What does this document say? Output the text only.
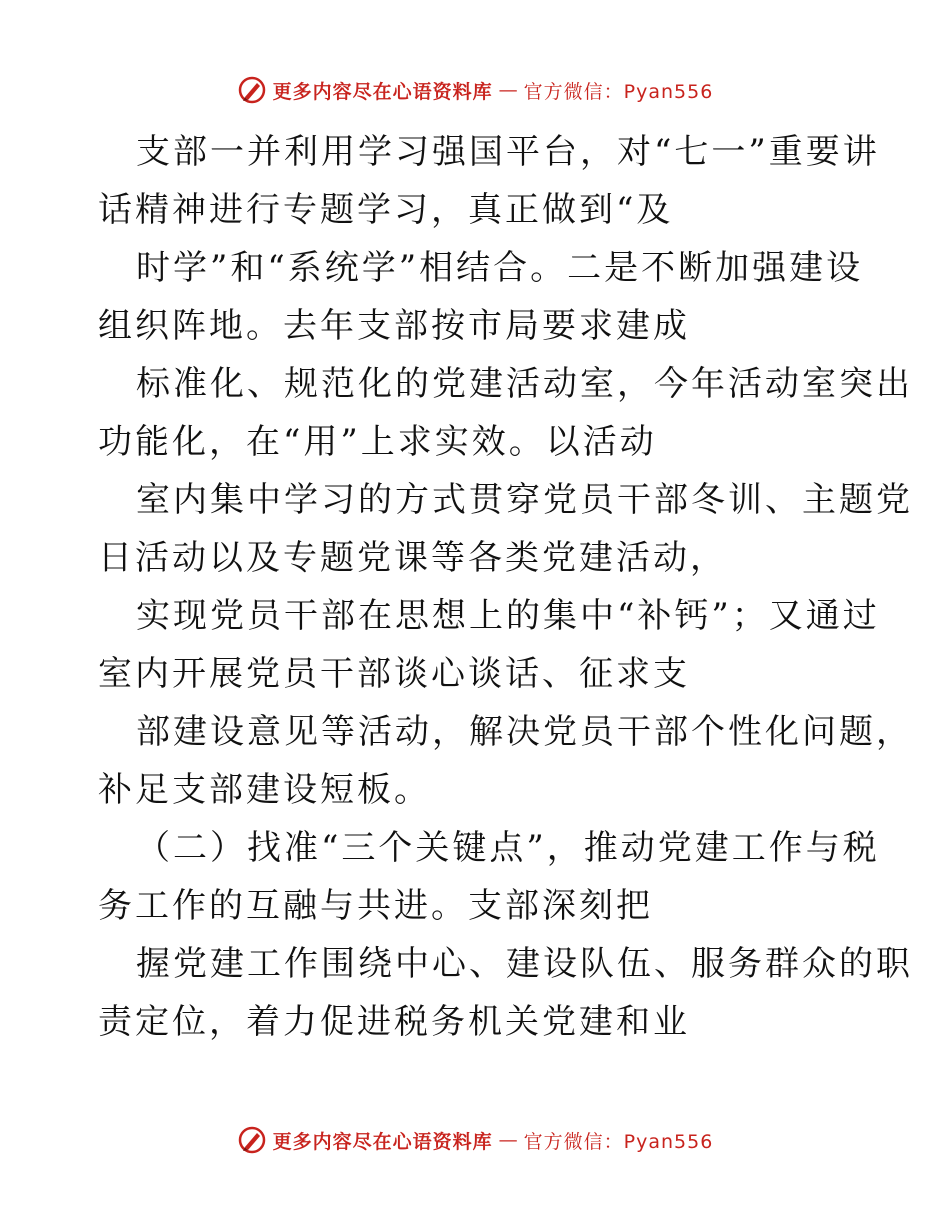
更多内容尽在心语资料库 — 官方微信：Pyan556
支部一并利用学习强国平台，对“七一”重要讲
话精神进行专题学习，真正做到“及
时学”和“系统学”相结合。二是不断加强建设
组织阵地。去年支部按市局要求建成
标准化、规范化的党建活动室，今年活动室突出
功能化，在“用”上求实效。以活动
室内集中学习的方式贯穿党员干部冬训、主题党
日活动以及专题党课等各类党建活动，
实现党员干部在思想上的集中“补钙”；又通过
室内开展党员干部谈心谈话、征求支
部建设意见等活动，解决党员干部个性化问题，
补足支部建设短板。
（二）找准“三个关键点”，推动党建工作与税
务工作的互融与共进。支部深刻把
握党建工作围绕中心、建设队伍、服务群众的职
责定位，着力促进税务机关党建和业
更多内容尽在心语资料库 — 官方微信：Pyan556
